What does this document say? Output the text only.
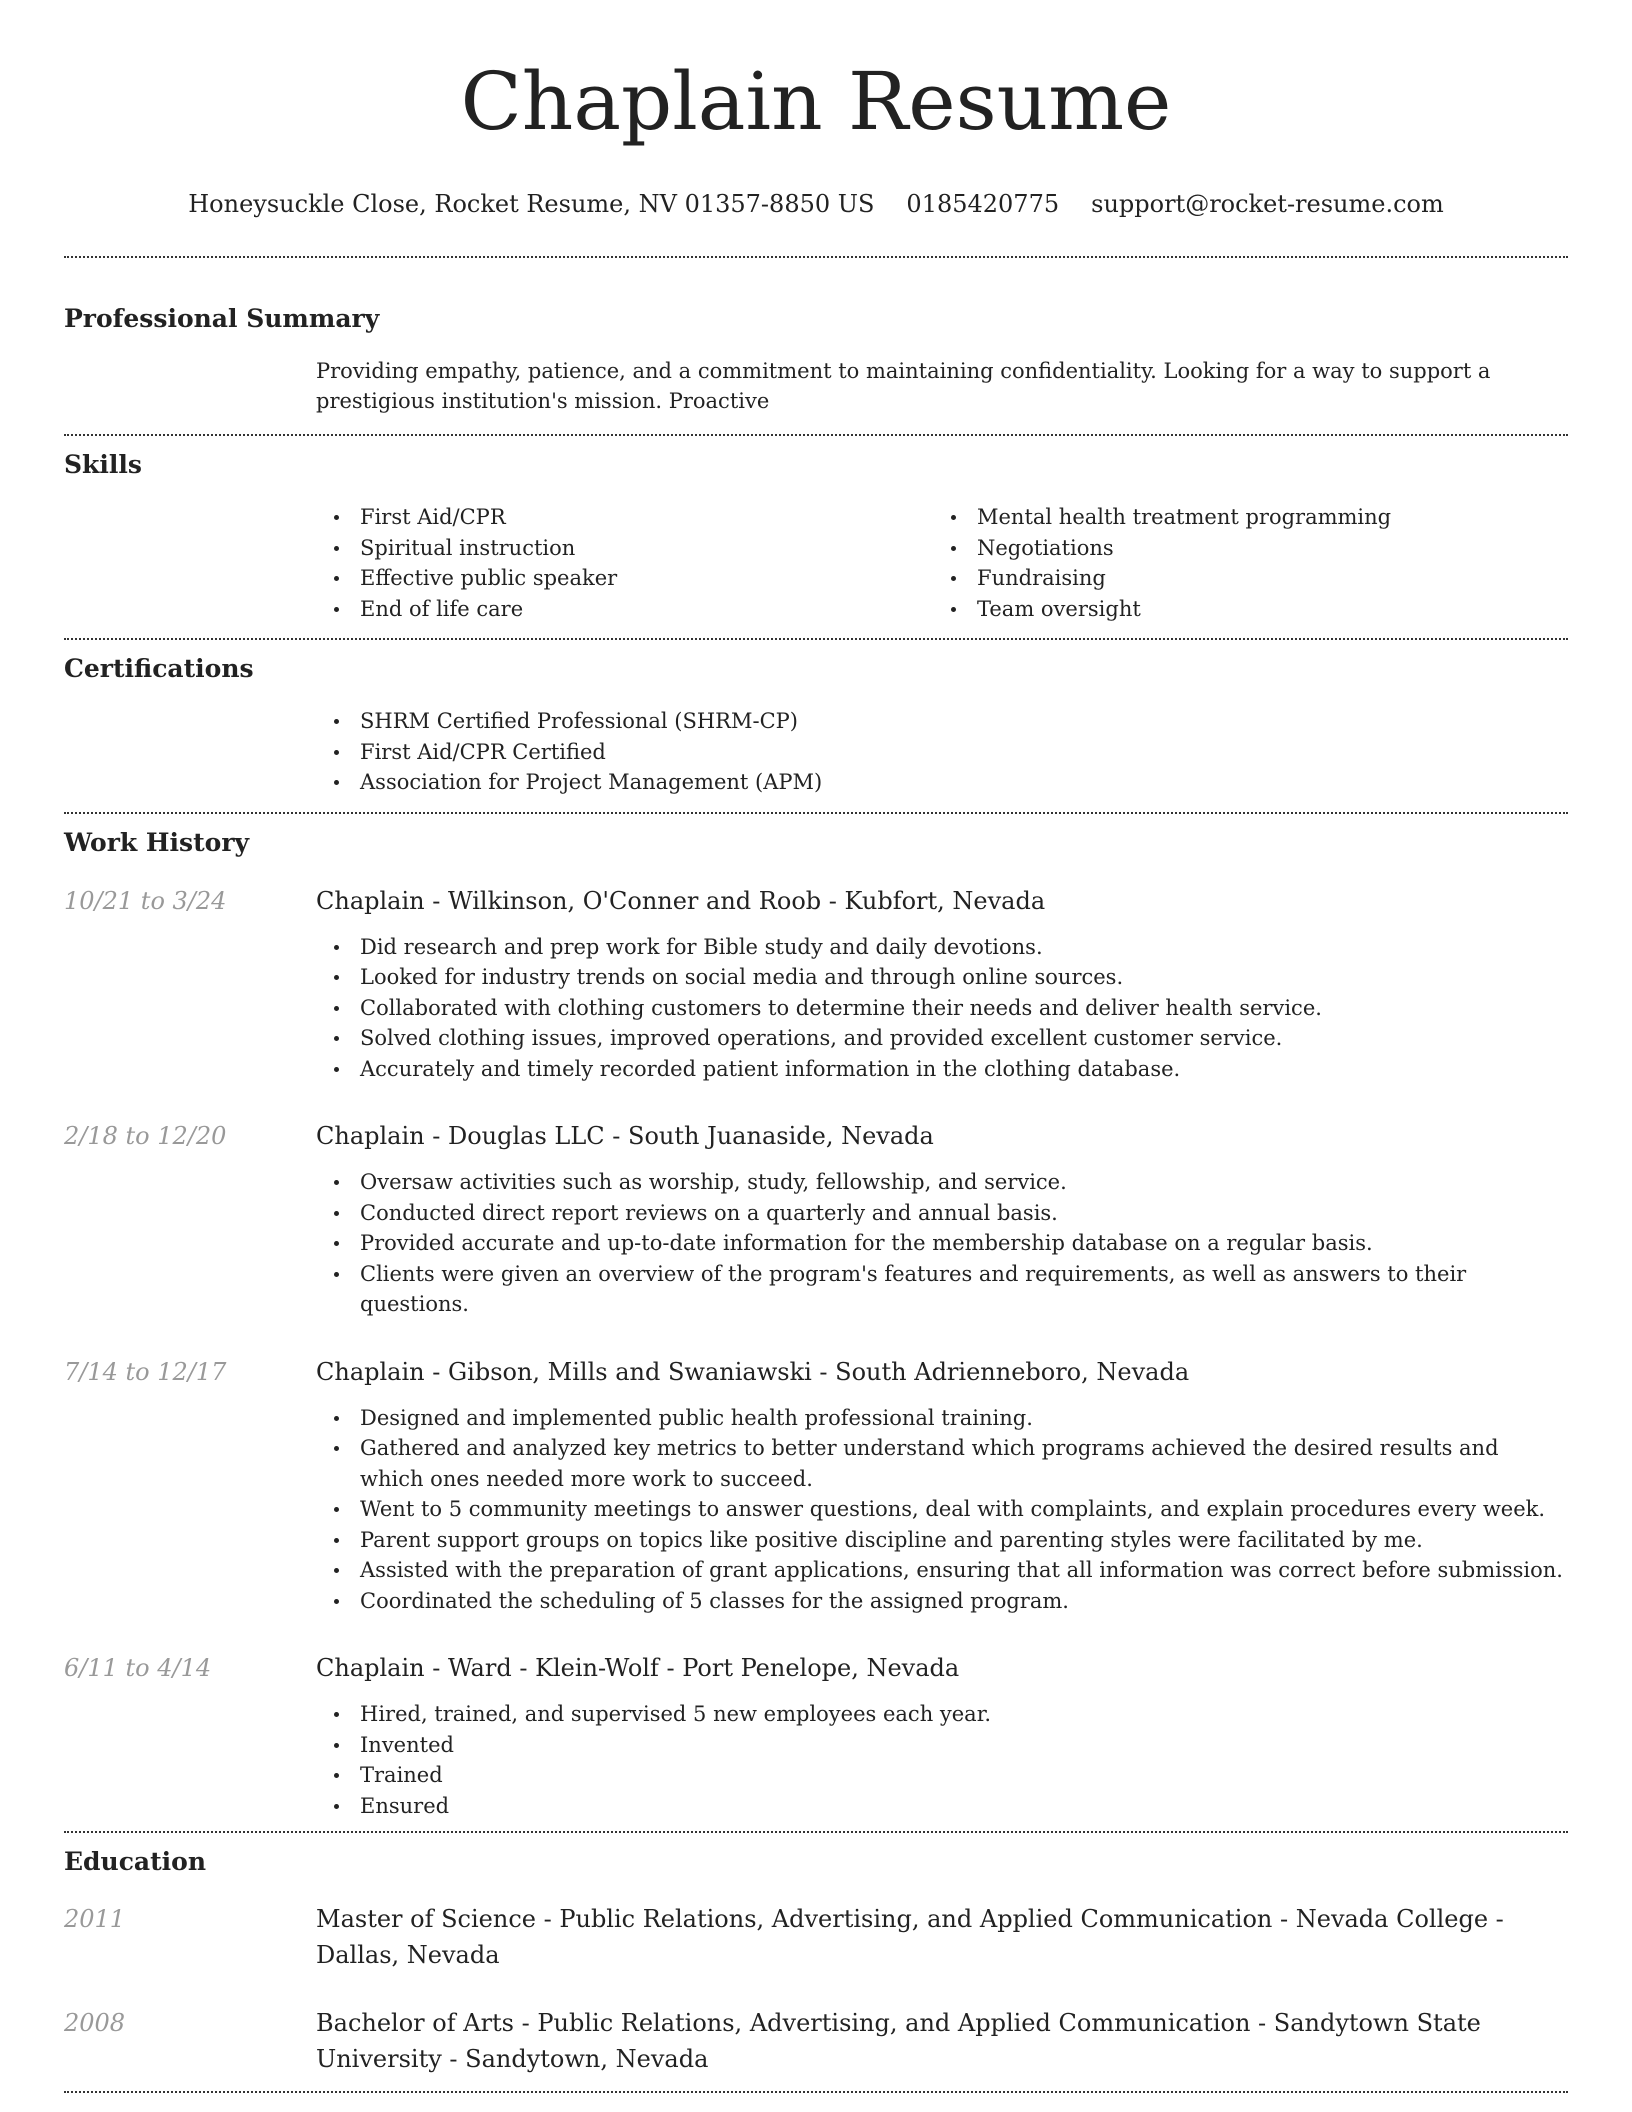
Chaplain Resume
Honeysuckle Close, Rocket Resume, NV 01357-8850 US 0185420775 support@rocket-resume.com
Professional Summary

Providing empathy, patience, and a commitment to maintaining confidentiality. Looking for a way to support a prestigious institution's mission. Proactive

Skills
First Aid/CPR
Spiritual instruction
Effective public speaker
End of life care
Mental health treatment programming
Negotiations
Fundraising
Team oversight
Certifications
SHRM Certified Professional (SHRM-CP)
First Aid/CPR Certified
Association for Project Management (APM)
Work History
10/21 to 3/24	Chaplain - Wilkinson, O'Conner and Roob - Kubfort, Nevada
Did research and prep work for Bible study and daily devotions.
Looked for industry trends on social media and through online sources.
Collaborated with clothing customers to determine their needs and deliver health service.
Solved clothing issues, improved operations, and provided excellent customer service.
Accurately and timely recorded patient information in the clothing database.
2/18 to 12/20	Chaplain - Douglas LLC - South Juanaside, Nevada
Oversaw activities such as worship, study, fellowship, and service.
Conducted direct report reviews on a quarterly and annual basis.
Provided accurate and up-to-date information for the membership database on a regular basis.
Clients were given an overview of the program's features and requirements, as well as answers to their questions.
7/14 to 12/17	Chaplain - Gibson, Mills and Swaniawski - South Adrienneboro, Nevada
Designed and implemented public health professional training.
Gathered and analyzed key metrics to better understand which programs achieved the desired results and which ones needed more work to succeed.
Went to 5 community meetings to answer questions, deal with complaints, and explain procedures every week.
Parent support groups on topics like positive discipline and parenting styles were facilitated by me.
Assisted with the preparation of grant applications, ensuring that all information was correct before submission.
Coordinated the scheduling of 5 classes for the assigned program.
6/11 to 4/14	Chaplain - Ward - Klein-Wolf - Port Penelope, Nevada
Hired, trained, and supervised 5 new employees each year.
Invented
Trained
Ensured
Education
2011	Master of Science - Public Relations, Advertising, and Applied Communication - Nevada College - Dallas, Nevada
2008	Bachelor of Arts - Public Relations, Advertising, and Applied Communication - Sandytown State University - Sandytown, Nevada
